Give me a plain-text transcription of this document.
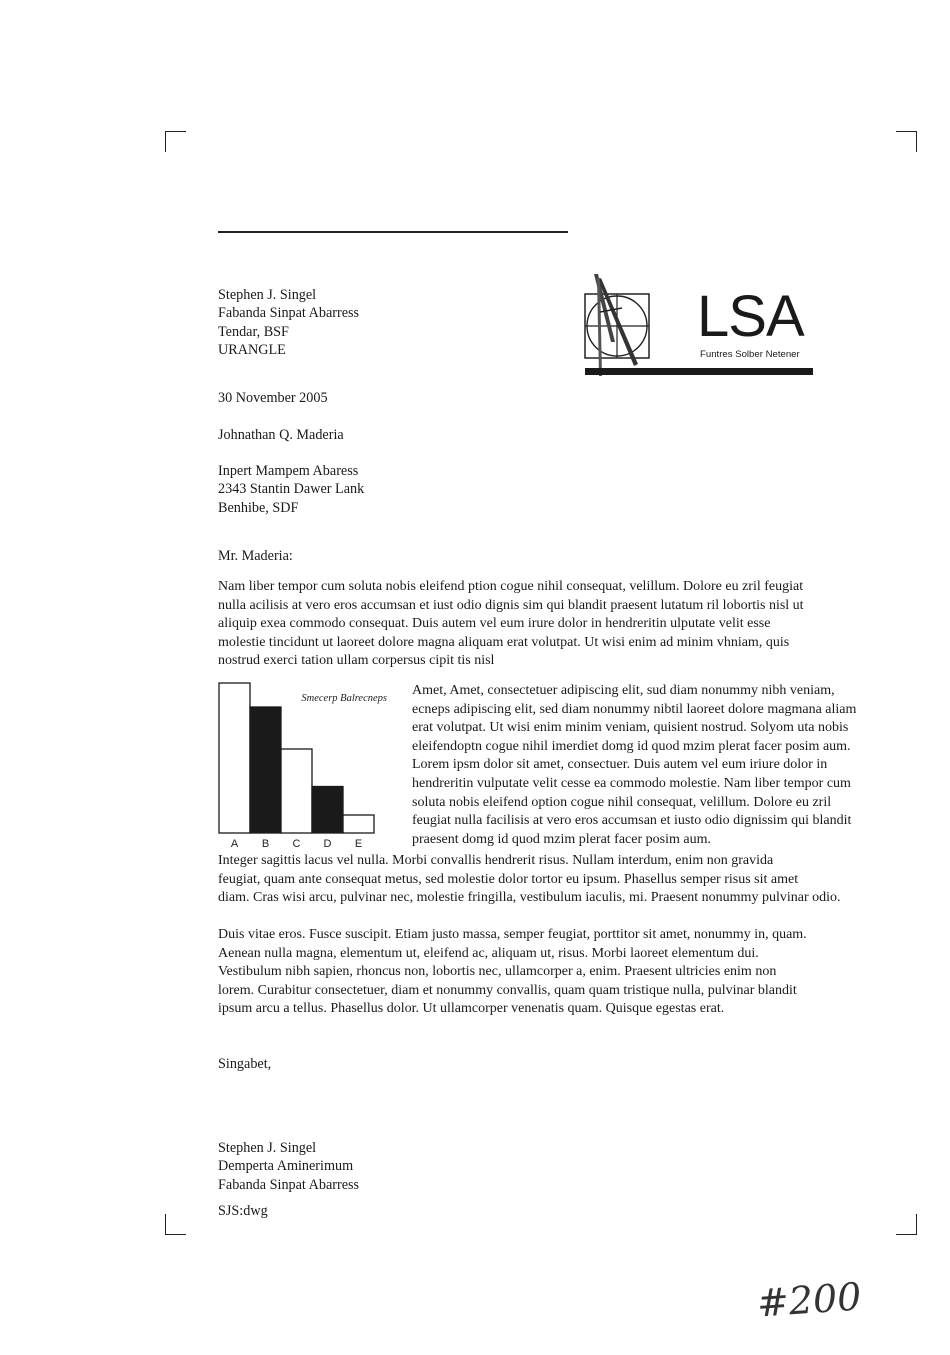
Stephen J. Singel
Fabanda Sinpat Abarress
Tendar, BSF
URANGLE
LSA
Funtres Solber Netener
30 November 2005
Johnathan Q. Maderia
Inpert Mampem Abaress
2343 Stantin Dawer Lank
Benhibe, SDF
Mr. Maderia:
Nam liber tempor cum soluta nobis eleifend ption cogue nihil consequat, velillum. Dolore eu zril feugiat
nulla acilisis at vero eros accumsan et iust odio dignis sim qui blandit praesent lutatum ril lobortis nisl ut
aliquip exea commodo consequat. Duis autem vel eum irure dolor in hendreritin ulputate velit esse
molestie tincidunt ut laoreet dolore magna aliquam erat volutpat. Ut wisi enim ad minim vhniam, quis
nostrud exerci tation ullam corpersus cipit tis nisl
Smecerp Balrecneps
A B C D E
Amet, Amet, consectetuer adipiscing elit, sud diam nonummy nibh veniam,
ecneps adipiscing elit, sed diam nonummy nibtil laoreet dolore magmana aliam
erat volutpat. Ut wisi enim minim veniam, quisient nostrud. Solyom uta nobis
eleifendoptn cogue nihil imerdiet domg id quod mzim plerat facer posim aum.
Lorem ipsm dolor sit amet, consectuer. Duis autem vel eum iriure dolor in
hendreritin vulputate velit cesse ea commodo molestie. Nam liber tempor cum
soluta nobis eleifend option cogue nihil consequat, velillum. Dolore eu zril
feugiat nulla facilisis at vero eros accumsan et iusto odio dignissim qui blandit
praesent domg id quod mzim plerat facer posim aum.
Integer sagittis lacus vel nulla. Morbi convallis hendrerit risus. Nullam interdum, enim non gravida
feugiat, quam ante consequat metus, sed molestie dolor tortor eu ipsum. Phasellus semper risus sit amet
diam. Cras wisi arcu, pulvinar nec, molestie fringilla, vestibulum iaculis, mi. Praesent nonummy pulvinar odio.
Duis vitae eros. Fusce suscipit. Etiam justo massa, semper feugiat, porttitor sit amet, nonummy in, quam.
Aenean nulla magna, elementum ut, eleifend ac, aliquam ut, risus. Morbi laoreet elementum dui.
Vestibulum nibh sapien, rhoncus non, lobortis nec, ullamcorper a, enim. Praesent ultricies enim non
lorem. Curabitur consectetuer, diam et nonummy convallis, quam quam tristique nulla, pulvinar blandit
ipsum arcu a tellus. Phasellus dolor. Ut ullamcorper venenatis quam. Quisque egestas erat.
Singabet,
Stephen J. Singel
Demperta Aminerimum
Fabanda Sinpat Abarress
SJS:dwg
#200
